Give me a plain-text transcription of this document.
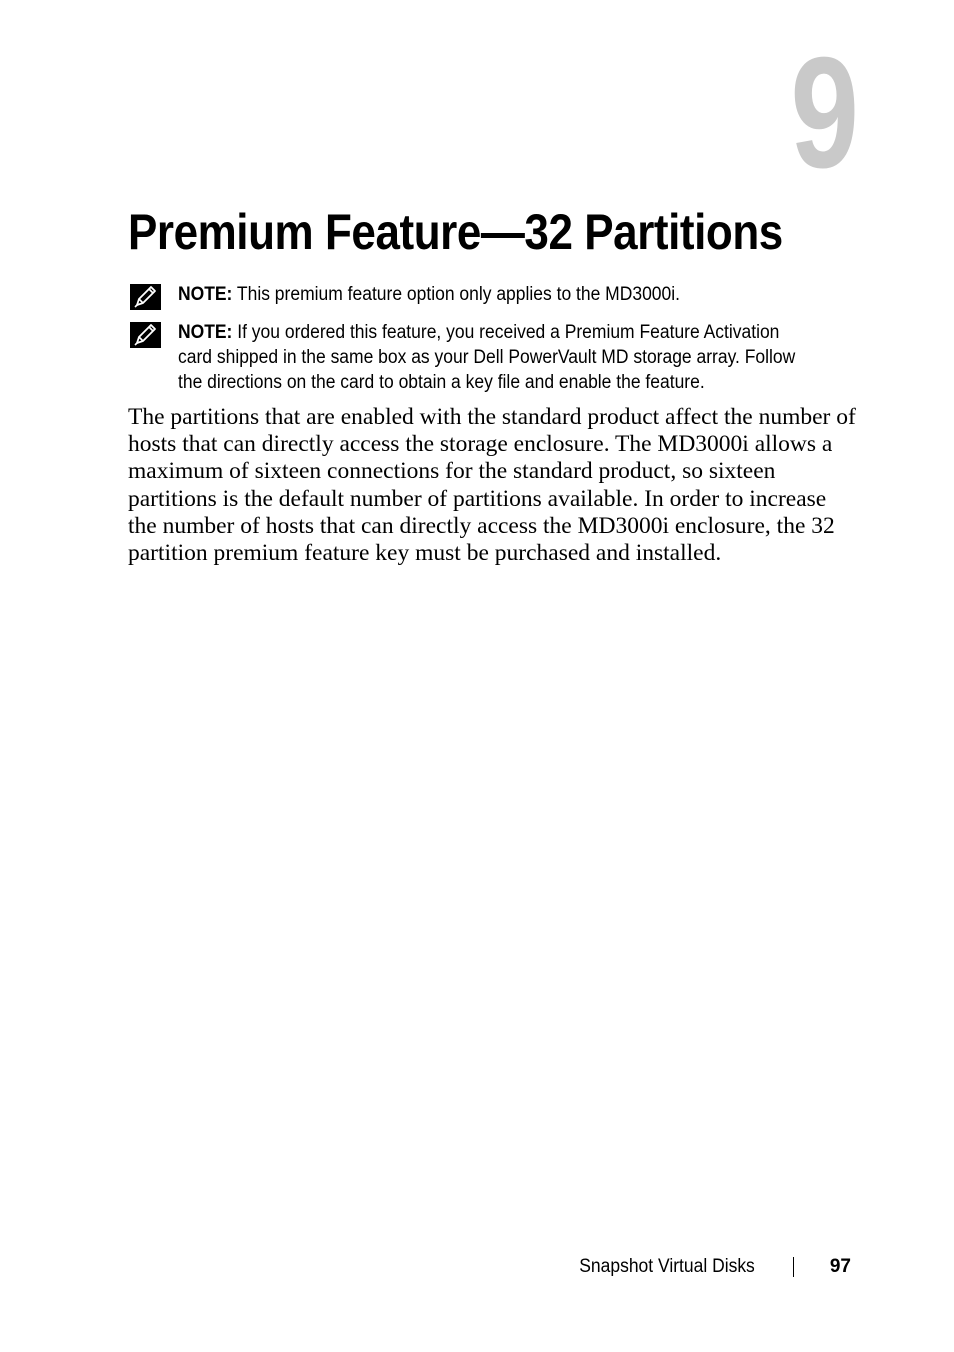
9
Premium Feature—32 Partitions
NOTE: This premium feature option only applies to the MD3000i.
NOTE: If you ordered this feature, you received a Premium Feature Activation card shipped in the same box as your Dell PowerVault MD storage array. Follow the directions on the card to obtain a key file and enable the feature.

The partitions that are enabled with the standard product affect the number of hosts that can directly access the storage enclosure. The MD3000i allows a maximum of sixteen connections for the standard product, so sixteen partitions is the default number of partitions available. In order to increase the number of hosts that can directly access the MD3000i enclosure, the 32 partition premium feature key must be purchased and installed.

Snapshot Virtual Disks	97
